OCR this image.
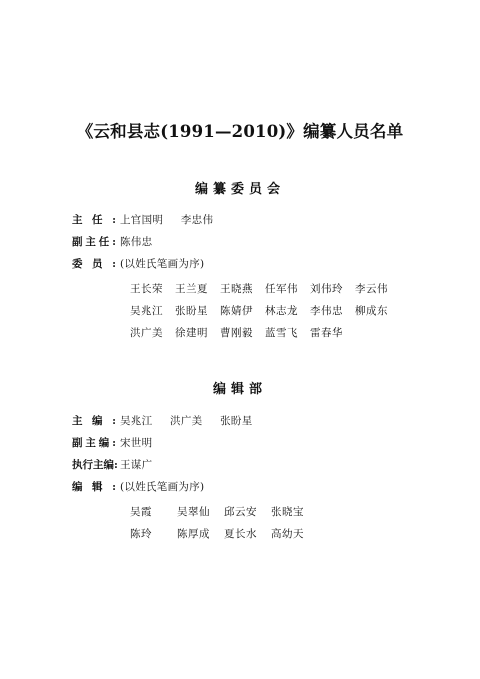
《云和县志(1991—2010)》编纂人员名单
编纂委员会
主任: 上官国明 李忠伟
副主任: 陈伟忠
委员: (以姓氏笔画为序)
王长荣	王兰夏	王晓燕	任军伟	刘伟玲	李云伟
吴兆江	张盼星	陈婧伊	林志龙	李伟忠	柳成东
洪广美	徐建明	曹刚毅	蓝雪飞	雷春华
编辑部
主编: 吴兆江 洪广美 张盼星
副主编: 宋世明
执行主编: 王谋广
编辑: (以姓氏笔画为序)
吴霞	吴翠仙	邱云安	张晓宝
陈玲	陈厚成	夏长水	高幼天
